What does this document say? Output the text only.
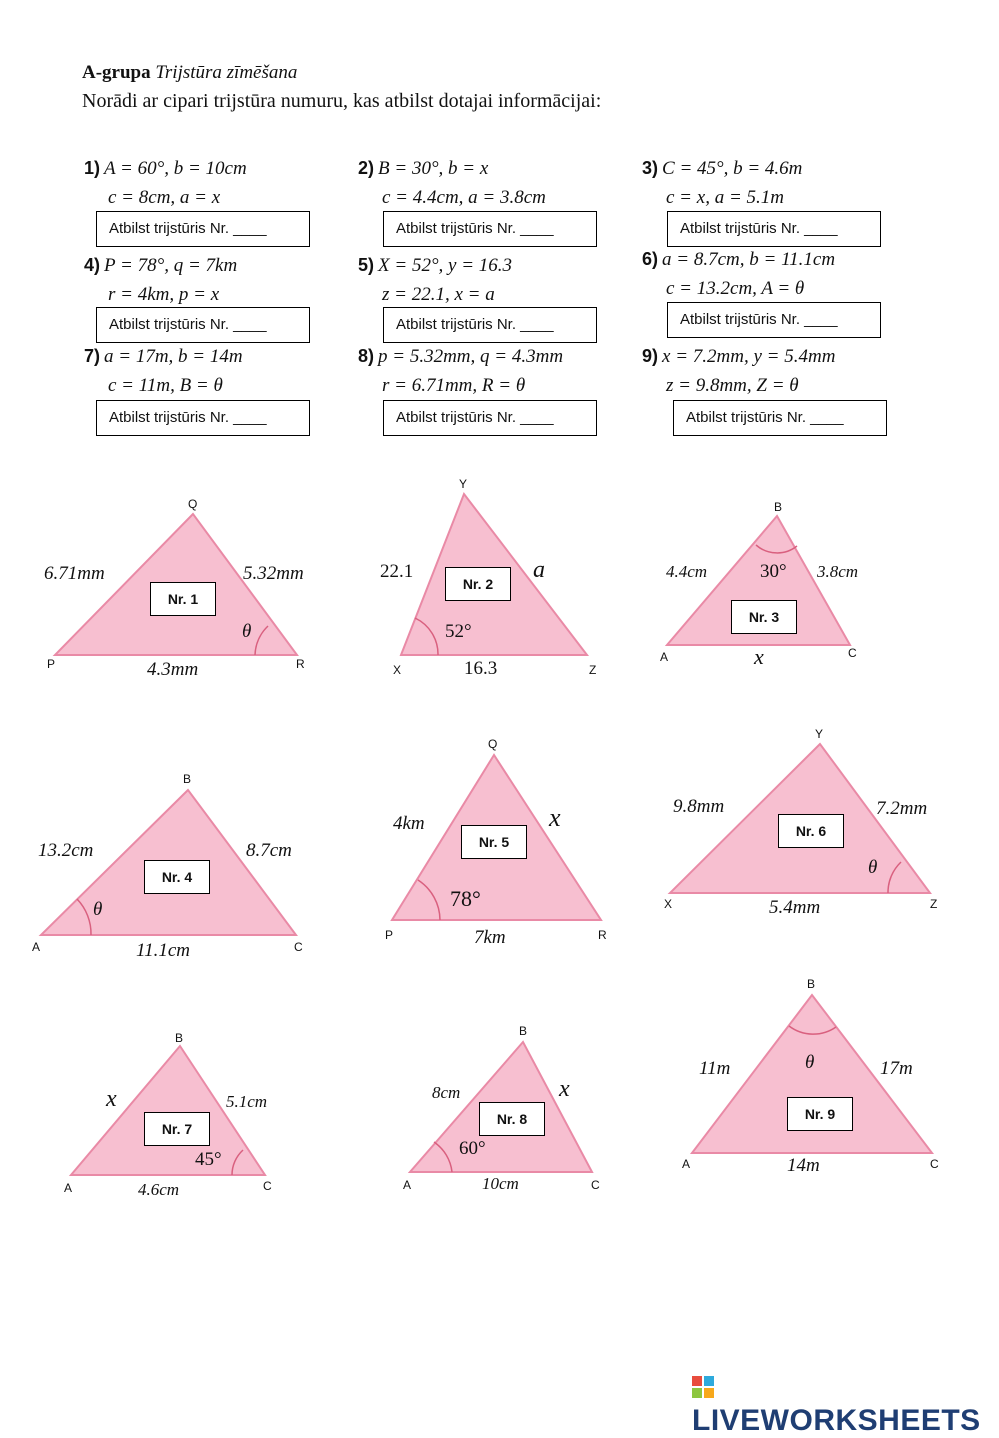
A-grupa Trijstūra zīmēšana
Norādi ar cipari trijstūra numuru, kas atbilst dotajai informācijai:
1) A = 60°, b = 10cm
c = 8cm, a = x
2) B = 30°, b = x
c = 4.4cm, a = 3.8cm
3) C = 45°, b = 4.6m
c = x, a = 5.1m
4) P = 78°, q = 7km
r = 4km, p = x
5) X = 52°, y = 16.3
z = 22.1, x = a
6) a = 8.7cm, b = 11.1cm
c = 13.2cm, A = θ
7) a = 17m, b = 14m
c = 11m, B = θ
8) p = 5.32mm, q = 4.3mm
r = 6.71mm, R = θ
9) x = 7.2mm, y = 5.4mm
z = 9.8mm, Z = θ
Atbilst trijstūris Nr. ____	Atbilst trijstūris Nr. ____	Atbilst trijstūris Nr. ____
Atbilst trijstūris Nr. ____	Atbilst trijstūris Nr. ____	Atbilst trijstūris Nr. ____
Atbilst trijstūris Nr. ____	Atbilst trijstūris Nr. ____	Atbilst trijstūris Nr. ____
Q
P	R
6.71mm	5.32mm
4.3mm
θ
Nr. 1
Y
X	Z
22.1	a
16.3
52°
Nr. 2
B
A	C
4.4cm	3.8cm
x
30°
Nr. 3
B
A	C
13.2cm	8.7cm
11.1cm
θ
Nr. 4
Q
P	R
4km	x
7km
78°
Nr. 5
Y
X	Z
9.8mm	7.2mm
5.4mm
θ
Nr. 6
B
A	C
x	5.1cm
4.6cm
45°
Nr. 7
B
A	C
8cm	x
10cm
60°
Nr. 8
B
A	C
11m	17m
14m
θ
Nr. 9
LIVEWORKSHEETS
